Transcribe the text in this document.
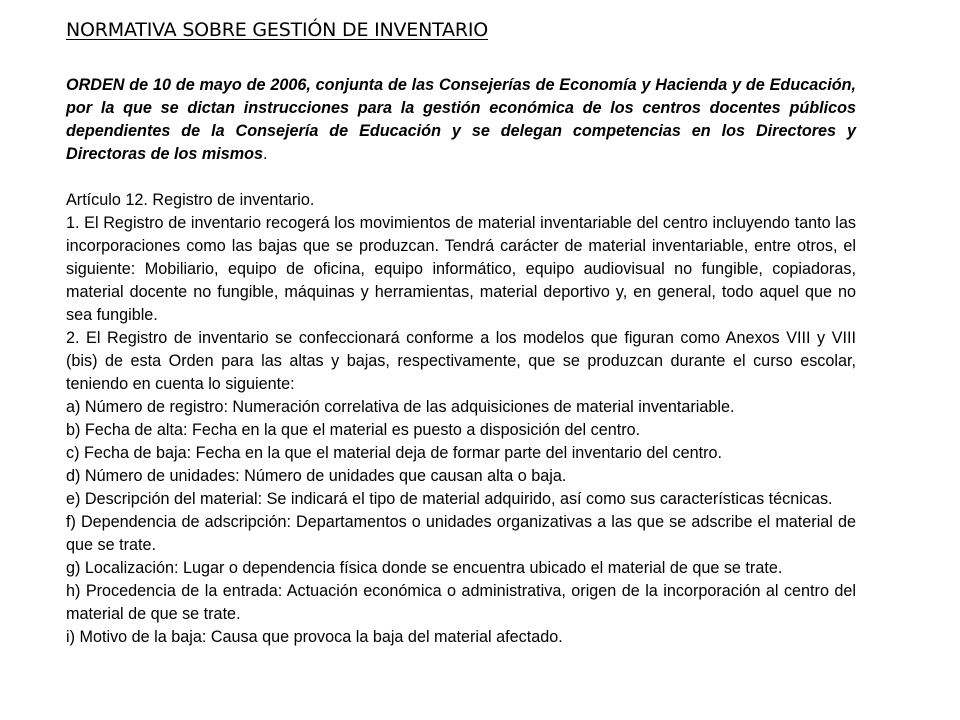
NORMATIVA SOBRE GESTIÓN DE INVENTARIO

ORDEN de 10 de mayo de 2006, conjunta de las Consejerías de Economía y Hacienda y de Educación, por la que se dictan instrucciones para la gestión económica de los centros docentes públicos dependientes de la Consejería de Educación y se delegan competencias en los Directores y Directoras de los mismos.

Artículo 12. Registro de inventario.

1. El Registro de inventario recogerá los movimientos de material inventariable del centro incluyendo tanto las incorporaciones como las bajas que se produzcan. Tendrá carácter de material inventariable, entre otros, el siguiente: Mobiliario, equipo de oficina, equipo informático, equipo audiovisual no fungible, copiadoras, material docente no fungible, máquinas y herramientas, material deportivo y, en general, todo aquel que no sea fungible.

2. El Registro de inventario se confeccionará conforme a los modelos que figuran como Anexos VIII y VIII (bis) de esta Orden para las altas y bajas, respectivamente, que se produzcan durante el curso escolar, teniendo en cuenta lo siguiente:

a) Número de registro: Numeración correlativa de las adquisiciones de material inventariable.

b) Fecha de alta: Fecha en la que el material es puesto a disposición del centro.

c) Fecha de baja: Fecha en la que el material deja de formar parte del inventario del centro.

d) Número de unidades: Número de unidades que causan alta o baja.

e) Descripción del material: Se indicará el tipo de material adquirido, así como sus características técnicas.

f) Dependencia de adscripción: Departamentos o unidades organizativas a las que se adscribe el material de que se trate.

g) Localización: Lugar o dependencia física donde se encuentra ubicado el material de que se trate.

h) Procedencia de la entrada: Actuación económica o administrativa, origen de la incorporación al centro del material de que se trate.

i) Motivo de la baja: Causa que provoca la baja del material afectado.
